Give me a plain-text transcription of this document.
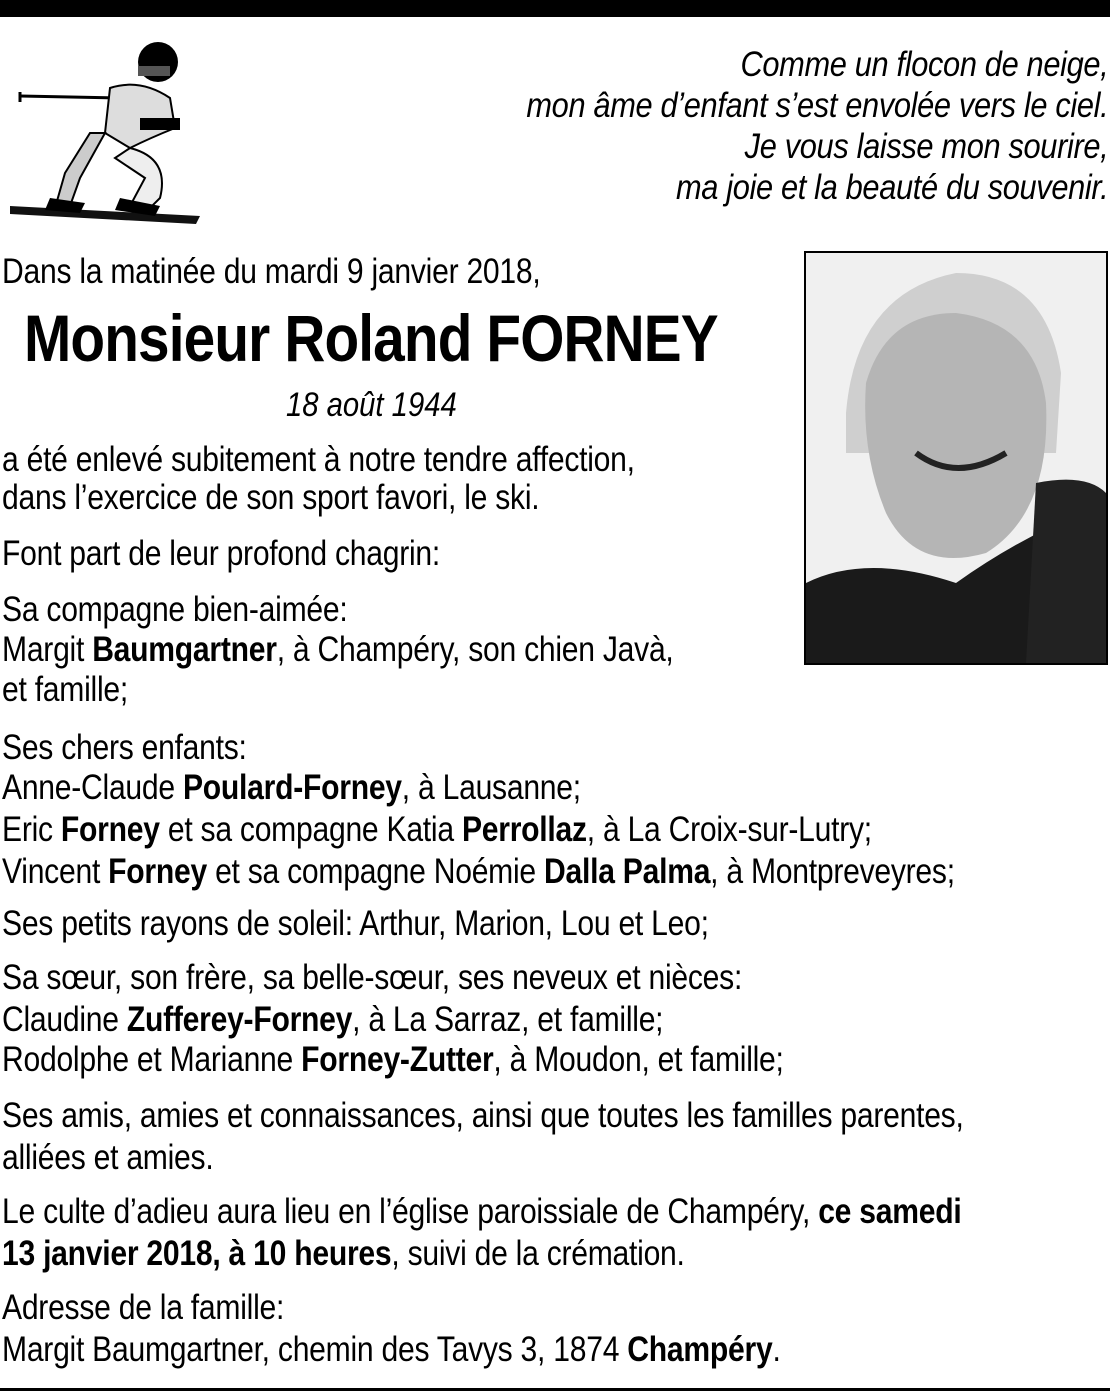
Comme un flocon de neige,
mon âme d’enfant s’est envolée vers le ciel.
Je vous laisse mon sourire,
ma joie et la beauté du souvenir.
Dans la matinée du mardi 9 janvier 2018,
Monsieur Roland FORNEY
18 août 1944
a été enlevé subitement à notre tendre affection,
dans l’exercice de son sport favori, le ski.
Font part de leur profond chagrin:
Sa compagne bien-aimée:
Margit Baumgartner, à Champéry, son chien Javà,
et famille;
Ses chers enfants:
Anne-Claude Poulard-Forney, à Lausanne;
Eric Forney et sa compagne Katia Perrollaz, à La Croix-sur-Lutry;
Vincent Forney et sa compagne Noémie Dalla Palma, à Montpreveyres;
Ses petits rayons de soleil: Arthur, Marion, Lou et Leo;
Sa sœur, son frère, sa belle-sœur, ses neveux et nièces:
Claudine Zufferey-Forney, à La Sarraz, et famille;
Rodolphe et Marianne Forney-Zutter, à Moudon, et famille;
Ses amis, amies et connaissances, ainsi que toutes les familles parentes,
alliées et amies.
Le culte d’adieu aura lieu en l’église paroissiale de Champéry, ce samedi
13 janvier 2018, à 10 heures, suivi de la crémation.
Adresse de la famille:
Margit Baumgartner, chemin des Tavys 3, 1874 Champéry.
